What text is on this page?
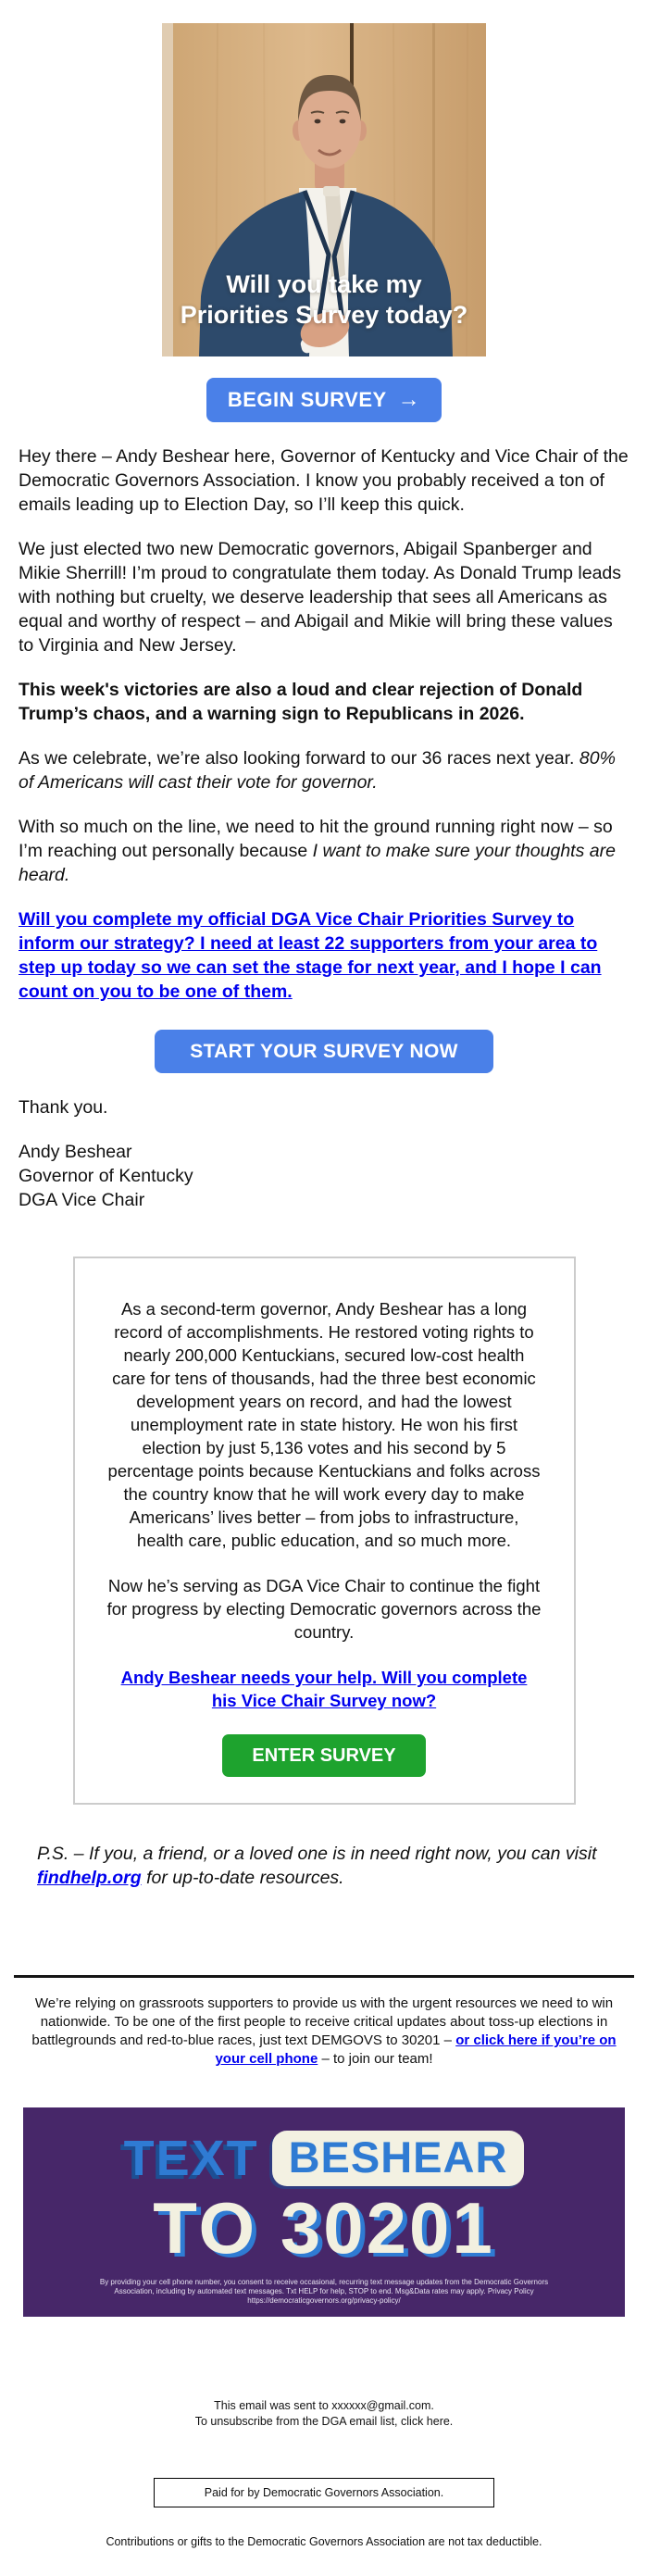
Will you take my
Priorities Survey today?
BEGIN SURVEY →

Hey there – Andy Beshear here, Governor of Kentucky and Vice Chair of the Democratic Governors Association. I know you probably received a ton of emails leading up to Election Day, so I’ll keep this quick.

We just elected two new Democratic governors, Abigail Spanberger and Mikie Sherrill! I’m proud to congratulate them today. As Donald Trump leads with nothing but cruelty, we deserve leadership that sees all Americans as equal and worthy of respect – and Abigail and Mikie will bring these values to Virginia and New Jersey.

This week's victories are also a loud and clear rejection of Donald Trump’s chaos, and a warning sign to Republicans in 2026.

As we celebrate, we’re also looking forward to our 36 races next year. 80% of Americans will cast their vote for governor.

With so much on the line, we need to hit the ground running right now – so I’m reaching out personally because I want to make sure your thoughts are heard.

Will you complete my official DGA Vice Chair Priorities Survey to inform our strategy? I need at least 22 supporters from your area to step up today so we can set the stage for next year, and I hope I can count on you to be one of them.

START YOUR SURVEY NOW

Thank you.

Andy Beshear
Governor of Kentucky
DGA Vice Chair

As a second-term governor, Andy Beshear has a long record of accomplishments. He restored voting rights to nearly 200,000 Kentuckians, secured low-cost health care for tens of thousands, had the three best economic development years on record, and had the lowest unemployment rate in state history. He won his first election by just 5,136 votes and his second by 5 percentage points because Kentuckians and folks across the country know that he will work every day to make Americans’ lives better – from jobs to infrastructure, health care, public education, and so much more.

Now he’s serving as DGA Vice Chair to continue the fight for progress by electing Democratic governors across the country.

Andy Beshear needs your help. Will you complete his Vice Chair Survey now?

ENTER SURVEY

P.S. – If you, a friend, or a loved one is in need right now, you can visit findhelp.org for up-to-date resources.

We’re relying on grassroots supporters to provide us with the urgent resources we need to win nationwide. To be one of the first people to receive critical updates about toss-up elections in battlegrounds and red-to-blue races, just text DEMGOVS to 30201 – or click here if you’re on your cell phone – to join our team!

TEXT BESHEAR
TO 30201
By providing your cell phone number, you consent to receive occasional, recurring text message updates from the Democratic Governors Association, including by automated text messages. Txt HELP for help, STOP to end. Msg&Data rates may apply. Privacy Policy https://democraticgovernors.org/privacy-policy/
This email was sent to xxxxxx@gmail.com.
To unsubscribe from the DGA email list, click here.
Paid for by Democratic Governors Association.
Contributions or gifts to the Democratic Governors Association are not tax deductible.
